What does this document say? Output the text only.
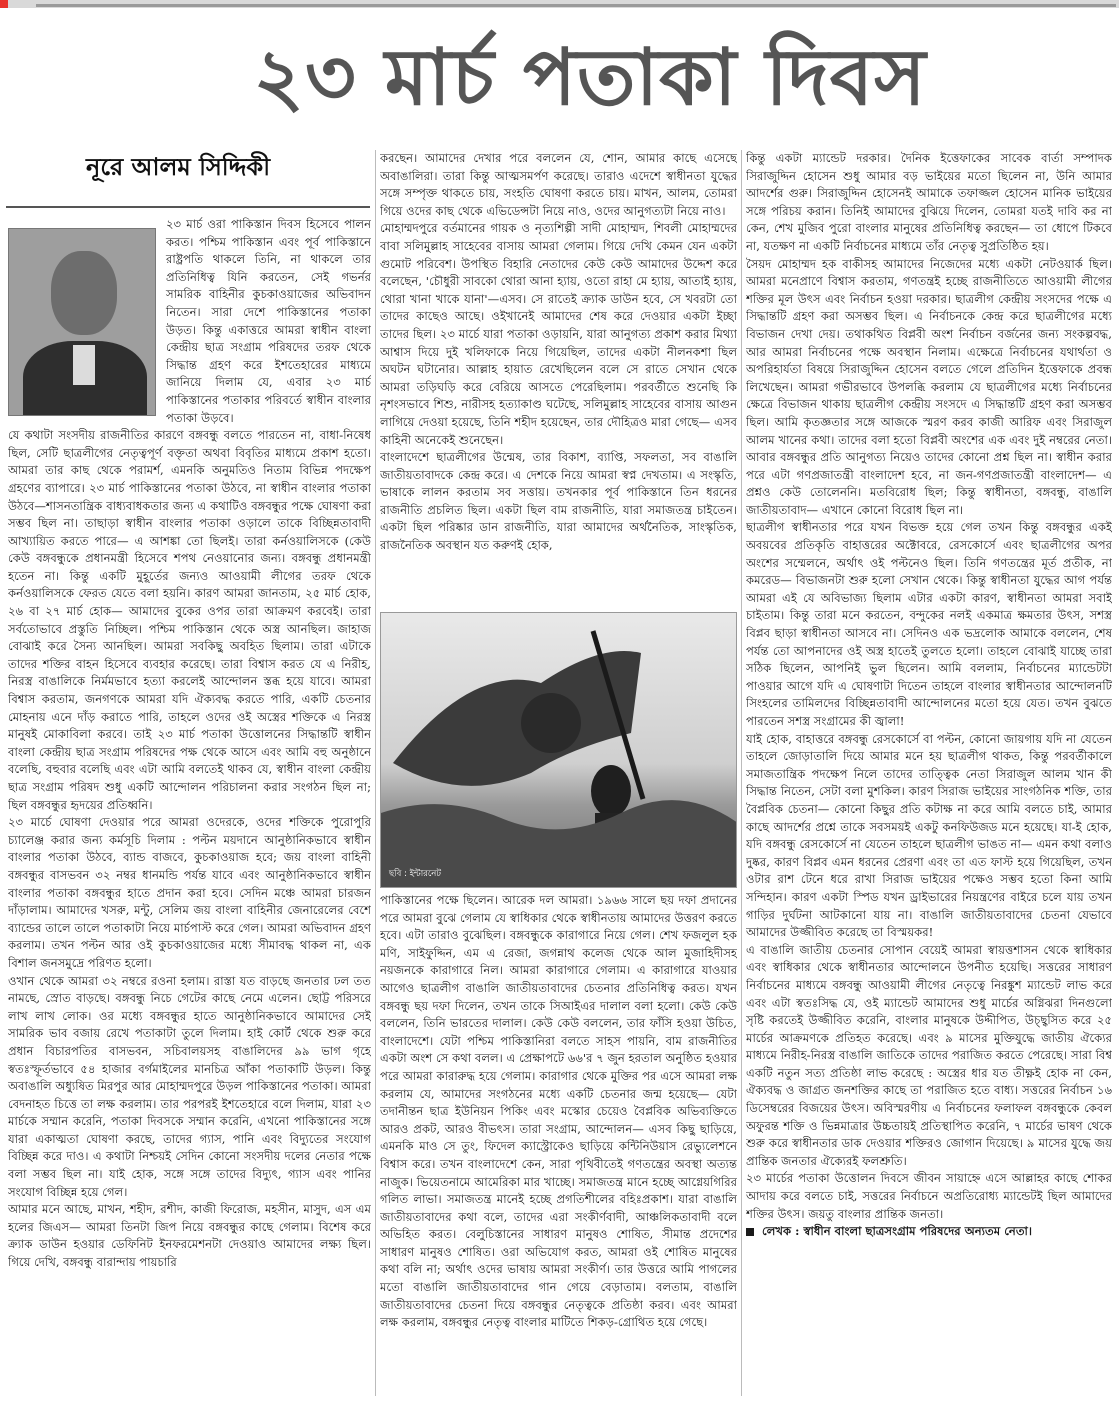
২৩ মার্চ পতাকা দিবস
নূরে আলম সিদ্দিকী

২৩ মার্চ ওরা পাকিস্তান দিবস হিসেবে পালন করত। পশ্চিম পাকিস্তান এবং পূর্ব পাকিস্তানে রাষ্ট্রপতি থাকলে তিনি, না থাকলে তার প্রতিনিধিত্ব যিনি করতেন, সেই গভর্নর সামরিক বাহিনীর কুচকাওয়াজের অভিবাদন নিতেন। সারা দেশে পাকিস্তানের পতাকা উড়ত। কিন্তু একাত্তরে আমরা স্বাধীন বাংলা কেন্দ্রীয় ছাত্র সংগ্রাম পরিষদের তরফ থেকে সিদ্ধান্ত গ্রহণ করে ইশতেহারের মাধ্যমে জানিয়ে দিলাম যে, এবার ২৩ মার্চ পাকিস্তানের পতাকার পরিবর্তে স্বাধীন বাংলার পতাকা উড়বে।

যে কথাটা সংসদীয় রাজনীতির কারণে বঙ্গবন্ধু বলতে পারতেন না, বাধা-নিষেধ ছিল, সেটি ছাত্রলীগের নেতৃত্বপূর্ণ বক্তৃতা অথবা বিবৃতির মাধ্যমে প্রকাশ হতো। আমরা তার কাছ থেকে পরামর্শ, এমনকি অনুমতিও নিতাম বিভিন্ন পদক্ষেপ গ্রহণের ব্যাপারে। ২৩ মার্চ পাকিস্তানের পতাকা উঠবে, না স্বাধীন বাংলার পতাকা উঠবে—শাসনতান্ত্রিক বাধ্যবাধকতার জন্য এ কথাটিও বঙ্গবন্ধুর পক্ষে ঘোষণা করা সম্ভব ছিল না। তাছাড়া স্বাধীন বাংলার পতাকা ওড়ালে তাকে বিচ্ছিন্নতাবাদী আখ্যায়িত করতে পারে— এ আশঙ্কা তো ছিলই। তারা কর্নওয়ালিসকে (কেউ কেউ বঙ্গবন্ধুকে প্রধানমন্ত্রী হিসেবে শপথ নেওয়ানোর জন্য। বঙ্গবন্ধু প্রধানমন্ত্রী হতেন না। কিন্তু একটি মুহূর্তের জন্যও আওয়ামী লীগের তরফ থেকে কর্নওয়ালিসকে ফেরত যেতে বলা হয়নি। কারণ আমরা জানতাম, ২৫ মার্চ হোক, ২৬ বা ২৭ মার্চ হোক— আমাদের বুকের ওপর তারা আক্রমণ করবেই। তারা সর্বতোভাবে প্রস্তুতি নিচ্ছিল। পশ্চিম পাকিস্তান থেকে অস্ত্র আনছিল। জাহাজ বোঝাই করে সৈন্য আনছিল। আমরা সবকিছু অবহিত ছিলাম। তারা এটাকে তাদের শক্তির বাহন হিসেবে ব্যবহার করেছে। তারা বিশ্বাস করত যে এ নিরীহ, নিরস্ত্র বাঙালিকে নির্মমভাবে হত্যা করলেই আন্দোলন স্তব্ধ হয়ে যাবে। আমরা বিশ্বাস করতাম, জনগণকে আমরা যদি ঐক্যবদ্ধ করতে পারি, একটি চেতনার মোহনায় এনে দাঁড় করাতে পারি, তাহলে ওদের ওই অস্ত্রের শক্তিকে এ নিরস্ত্র মানুষই মোকাবিলা করবে। তাই ২৩ মার্চ পতাকা উত্তোলনের সিদ্ধান্তটি স্বাধীন বাংলা কেন্দ্রীয় ছাত্র সংগ্রাম পরিষদের পক্ষ থেকে আসে এবং আমি বহু অনুষ্ঠানে বলেছি, বহুবার বলেছি এবং এটা আমি বলতেই থাকব যে, স্বাধীন বাংলা কেন্দ্রীয় ছাত্র সংগ্রাম পরিষদ শুধু একটি আন্দোলন পরিচালনা করার সংগঠন ছিল না; ছিল বঙ্গবন্ধুর হৃদয়ের প্রতিধ্বনি।

২৩ মার্চে ঘোষণা দেওয়ার পরে আমরা ওদেরকে, ওদের শক্তিকে পুরোপুরি চ্যালেঞ্জ করার জন্য কর্মসূচি দিলাম : পল্টন ময়দানে আনুষ্ঠানিকভাবে স্বাধীন বাংলার পতাকা উঠবে, ব্যান্ড বাজবে, কুচকাওয়াজ হবে; জয় বাংলা বাহিনী বঙ্গবন্ধুর বাসভবন ৩২ নম্বর ধানমন্ডি পর্যন্ত যাবে এবং আনুষ্ঠানিকভাবে স্বাধীন বাংলার পতাকা বঙ্গবন্ধুর হাতে প্রদান করা হবে। সেদিন মঞ্চে আমরা চারজন দাঁড়ালাম। আমাদের খসরু, মন্টু, সেলিম জয় বাংলা বাহিনীর জেনারেলের বেশে ব্যান্ডের তালে তালে পতাকাটা নিয়ে মার্চপাস্ট করে গেল। আমরা অভিবাদন গ্রহণ করলাম। তখন পল্টন আর ওই কুচকাওয়াজের মধ্যে সীমাবদ্ধ থাকল না, এক বিশাল জনসমুদ্রে পরিণত হলো।

ওখান থেকে আমরা ৩২ নম্বরে রওনা হলাম। রাস্তা যত বাড়ছে জনতার ঢল তত নামছে, স্রোত বাড়ছে। বঙ্গবন্ধু নিচে গেটের কাছে নেমে এলেন। ছোট্ট পরিসরে লাখ লাখ লোক। ওর মধ্যে বঙ্গবন্ধুর হাতে আনুষ্ঠানিকভাবে আমাদের সেই সামরিক ভাব বজায় রেখে পতাকাটা তুলে দিলাম। হাই কোর্ট থেকে শুরু করে প্রধান বিচারপতির বাসভবন, সচিবালয়সহ বাঙালিদের ৯৯ ভাগ গৃহে স্বতঃস্ফূর্তভাবে ৫৪ হাজার বর্গমাইলের মানচিত্র আঁকা পতাকাটি উড়ল। কিন্তু অবাঙালি অধ্যুষিত মিরপুর আর মোহাম্মদপুরে উড়ল পাকিস্তানের পতাকা। আমরা বেদনাহত চিত্তে তা লক্ষ করলাম। তার পরপরই ইশতেহারে বলে দিলাম, যারা ২৩ মার্চকে সম্মান করেনি, পতাকা দিবসকে সম্মান করেনি, এখনো পাকিস্তানের সঙ্গে যারা একাত্মতা ঘোষণা করছে, তাদের গ্যাস, পানি এবং বিদ্যুতের সংযোগ বিচ্ছিন্ন করে দাও। এ কথাটা নিশ্চয়ই সেদিন কোনো সংসদীয় দলের নেতার পক্ষে বলা সম্ভব ছিল না। যাই হোক, সঙ্গে সঙ্গে তাদের বিদ্যুৎ, গ্যাস এবং পানির সংযোগ বিচ্ছিন্ন হয়ে গেল।

আমার মনে আছে, মাখন, শহীদ, রশীদ, কাজী ফিরোজ, মহসীন, মাসুদ, এস এম হলের জিএস— আমরা তিনটা জিপ নিয়ে বঙ্গবন্ধুর কাছে গেলাম। বিশেষ করে ক্র্যাক ডাউন হওয়ার ডেফিনিট ইনফরমেশনটা দেওয়াও আমাদের লক্ষ্য ছিল। গিয়ে দেখি, বঙ্গবন্ধু বারান্দায় পায়চারি

করছেন। আমাদের দেখার পরে বললেন যে, শোন, আমার কাছে এসেছে অবাঙালিরা। তারা কিন্তু আত্মসমর্পণ করেছে। তারাও এদেশে স্বাধীনতা যুদ্ধের সঙ্গে সম্পৃক্ত থাকতে চায়, সংহতি ঘোষণা করতে চায়। মাখন, আলম, তোমরা গিয়ে ওদের কাছ থেকে এভিডেন্সটা নিয়ে নাও, ওদের আনুগত্যটা নিয়ে নাও।

মোহাম্মদপুরে বর্তমানের গায়ক ও নৃত্যশিল্পী সাদী মোহাম্মদ, শিবলী মোহাম্মদের বাবা সলিমুল্লাহ সাহেবের বাসায় আমরা গেলাম। গিয়ে দেখি কেমন যেন একটা গুমোট পরিবেশ। উপস্থিত বিহারি নেতাদের কেউ কেউ আমাদের উদ্দেশ করে বলেছেন, 'চৌধুরী সাবকো থোরা আনা হ্যায়, ওতো রাহা মে হ্যায়, আতাই হ্যায়, থোরা খানা খাকে যানা'—এসব। সে রাতেই ক্র্যাক ডাউন হবে, সে খবরটা তো তাদের কাছেও আছে। ওইখানেই আমাদের শেষ করে দেওয়ার একটা ইচ্ছা তাদের ছিল। ২৩ মার্চে যারা পতাকা ওড়ায়নি, যারা আনুগত্য প্রকাশ করার মিথ্যা আশ্বাস দিয়ে দুই খলিফাকে নিয়ে গিয়েছিল, তাদের একটা নীলনকশা ছিল অঘটন ঘটানোর। আল্লাহ হায়াত রেখেছিলেন বলে সে রাতে সেখান থেকে আমরা তড়িঘড়ি করে বেরিয়ে আসতে পেরেছিলাম। পরবর্তীতে শুনেছি কি নৃশংসভাবে শিশু, নারীসহ হত্যাকাণ্ড ঘটেছে, সলিমুল্লাহ সাহেবের বাসায় আগুন লাগিয়ে দেওয়া হয়েছে, তিনি শহীদ হয়েছেন, তার দৌহিত্রও মারা গেছে— এসব কাহিনী অনেকেই শুনেছেন।

বাংলাদেশে ছাত্রলীগের উন্মেষ, তার বিকাশ, ব্যাপ্তি, সফলতা, সব বাঙালি জাতীয়তাবাদকে কেন্দ্র করে। এ দেশকে নিয়ে আমরা স্বপ্ন দেখতাম। এ সংস্কৃতি, ভাষাকে লালন করতাম সব সত্তায়। তখনকার পূর্ব পাকিস্তানে তিন ধরনের রাজনীতি প্রচলিত ছিল। একটা ছিল বাম রাজনীতি, যারা সমাজতন্ত্র চাইতেন। একটা ছিল পরিষ্কার ডান রাজনীতি, যারা আমাদের অর্থনৈতিক, সাংস্কৃতিক, রাজনৈতিক অবস্থান যত করুণই হোক,

ছবি : ইন্টারনেট

পাকিস্তানের পক্ষে ছিলেন। আরেক দল আমরা। ১৯৬৬ সালে ছয় দফা প্রদানের পরে আমরা বুঝে গেলাম যে স্বাধিকার থেকে স্বাধীনতায় আমাদের উত্তরণ করতে হবে। এটা তারাও বুঝেছিল। বঙ্গবন্ধুকে কারাগারে নিয়ে গেল। শেখ ফজলুল হক মণি, সাইফুদ্দিন, এম এ রেজা, জগন্নাথ কলেজ থেকে আল মুজাহিদীসহ নয়জনকে কারাগারে নিল। আমরা কারাগারে গেলাম। এ কারাগারে যাওয়ার আগেও ছাত্রলীগ বাঙালি জাতীয়তাবাদের চেতনার প্রতিনিধিত্ব করত। যখন বঙ্গবন্ধু ছয় দফা দিলেন, তখন তাকে সিআইএর দালাল বলা হলো। কেউ কেউ বললেন, তিনি ভারতের দালাল। কেউ কেউ বললেন, তার ফাঁসি হওয়া উচিত, বাংলাদেশে। যেটা পশ্চিম পাকিস্তানিরা বলতে সাহস পায়নি, বাম রাজনীতির একটা অংশ সে কথা বলল। এ প্রেক্ষাপটে ৬৬'র ৭ জুন হরতাল অনুষ্ঠিত হওয়ার পরে আমরা কারারুদ্ধ হয়ে গেলাম। কারাগার থেকে মুক্তির পর এসে আমরা লক্ষ করলাম যে, আমাদের সংগঠনের মধ্যে একটি চেতনার জন্ম হয়েছে— যেটা তদানীন্তন ছাত্র ইউনিয়ন পিকিং এবং মস্কোর চেয়েও বৈপ্লবিক অভিব্যক্তিতে আরও প্রকট, আরও বীভৎস। তারা সংগ্রাম, আন্দোলন— এসব কিছু ছাড়িয়ে, এমনকি মাও সে তুং, ফিদেল ক্যাস্ট্রোকেও ছাড়িয়ে কন্টিনিউয়াস রেভ্যুলেশনে বিশ্বাস করে। তখন বাংলাদেশে কেন, সারা পৃথিবীতেই গণতন্ত্রের অবস্থা অত্যন্ত নাজুক। ভিয়েতনামে আমেরিকা মার খাচ্ছে। সমাজতন্ত্র মানে হচ্ছে আগ্নেয়গিরির গলিত লাভা। সমাজতন্ত্র মানেই হচ্ছে প্রগতিশীলের বহিঃপ্রকাশ। যারা বাঙালি জাতীয়তাবাদের কথা বলে, তাদের এরা সংকীর্ণবাদী, আঞ্চলিকতাবাদী বলে অভিহিত করত। বেলুচিস্তানের সাধারণ মানুষও শোষিত, সীমান্ত প্রদেশের সাধারণ মানুষও শোষিত। ওরা অভিযোগ করত, আমরা ওই শোষিত মানুষের কথা বলি না; অর্থাৎ ওদের ভাষায় আমরা সংকীর্ণ। তার উত্তরে আমি পাগলের মতো বাঙালি জাতীয়তাবাদের গান গেয়ে বেড়াতাম। বলতাম, বাঙালি জাতীয়তাবাদের চেতনা দিয়ে বঙ্গবন্ধুর নেতৃত্বকে প্রতিষ্ঠা করব। এবং আমরা লক্ষ করলাম, বঙ্গবন্ধুর নেতৃত্ব বাংলার মাটিতে শিকড়-গ্রোথিত হয়ে গেছে।

কিন্তু একটা ম্যান্ডেট দরকার। দৈনিক ইত্তেফাকের সাবেক বার্তা সম্পাদক সিরাজুদ্দিন হোসেন শুধু আমার বড় ভাইয়ের মতো ছিলেন না, উনি আমার আদর্শের গুরু। সিরাজুদ্দিন হোসেনই আমাকে তফাজ্জল হোসেন মানিক ভাইয়ের সঙ্গে পরিচয় করান। তিনিই আমাদের বুঝিয়ে দিলেন, তোমরা যতই দাবি কর না কেন, শেখ মুজিব পুরো বাংলার মানুষের প্রতিনিধিত্ব করছেন— তা ধোপে টিকবে না, যতক্ষণ না একটি নির্বাচনের মাধ্যমে তাঁর নেতৃত্ব সুপ্রতিষ্ঠিত হয়।

সৈয়দ মোহাম্মদ হক বাকীসহ আমাদের নিজেদের মধ্যে একটা নেটওয়ার্ক ছিল। আমরা মনেপ্রাণে বিশ্বাস করতাম, গণতন্ত্রই হচ্ছে রাজনীতিতে আওয়ামী লীগের শক্তির মূল উৎস এবং নির্বাচন হওয়া দরকার। ছাত্রলীগ কেন্দ্রীয় সংসদের পক্ষে এ সিদ্ধান্তটি গ্রহণ করা অসম্ভব ছিল। এ নির্বাচনকে কেন্দ্র করে ছাত্রলীগের মধ্যে বিভাজন দেখা দেয়। তথাকথিত বিপ্লবী অংশ নির্বাচন বর্জনের জন্য সংকল্পবদ্ধ, আর আমরা নির্বাচনের পক্ষে অবস্থান নিলাম। এক্ষেত্রে নির্বাচনের যথার্থতা ও অপরিহার্যতা বিষয়ে সিরাজুদ্দিন হোসেন বলতে গেলে প্রতিদিন ইত্তেফাকে প্রবন্ধ লিখেছেন। আমরা গভীরভাবে উপলব্ধি করলাম যে ছাত্রলীগের মধ্যে নির্বাচনের ক্ষেত্রে বিভাজন থাকায় ছাত্রলীগ কেন্দ্রীয় সংসদে এ সিদ্ধান্তটি গ্রহণ করা অসম্ভব ছিল। আমি কৃতজ্ঞতার সঙ্গে আজকে স্মরণ করব কাজী আরিফ এবং সিরাজুল আলম খানের কথা। তাদের বলা হতো বিপ্লবী অংশের এক এবং দুই নম্বরের নেতা। আবার বঙ্গবন্ধুর প্রতি আনুগত্য নিয়েও তাদের কোনো প্রশ্ন ছিল না। স্বাধীন করার পরে এটা গণপ্রজাতন্ত্রী বাংলাদেশ হবে, না জন-গণপ্রজাতন্ত্রী বাংলাদেশ— এ প্রশ্নও কেউ তোলেননি। মতবিরোধ ছিল; কিন্তু স্বাধীনতা, বঙ্গবন্ধু, বাঙালি জাতীয়তাবাদ— এখানে কোনো বিরোধ ছিল না।

ছাত্রলীগ স্বাধীনতার পরে যখন বিভক্ত হয়ে গেল তখন কিন্তু বঙ্গবন্ধুর একই অবয়বের প্রতিকৃতি বাহাত্তরের অক্টোবরে, রেসকোর্সে এবং ছাত্রলীগের অপর অংশের সম্মেলনে, অর্থাৎ ওই পল্টনেও ছিল। তিনি গণতন্ত্রের মূর্ত প্রতীক, না কমরেড— বিভাজনটা শুরু হলো সেখান থেকে। কিন্তু স্বাধীনতা যুদ্ধের আগ পর্যন্ত আমরা এই যে অবিভাজ্য ছিলাম এটার একটা কারণ, স্বাধীনতা আমরা সবাই চাইতাম। কিন্তু তারা মনে করতেন, বন্দুকের নলই একমাত্র ক্ষমতার উৎস, সশস্ত্র বিপ্লব ছাড়া স্বাধীনতা আসবে না। সেদিনও এক ভদ্রলোক আমাকে বললেন, শেষ পর্যন্ত তো আপনাদের ওই অস্ত্র হাতেই তুলতে হলো। তাহলে বোঝাই যাচ্ছে তারা সঠিক ছিলেন, আপনিই ভুল ছিলেন। আমি বললাম, নির্বাচনের ম্যান্ডেটটা পাওয়ার আগে যদি এ ঘোষণাটা দিতেন তাহলে বাংলার স্বাধীনতার আন্দোলনটি সিংহলের তামিলদের বিচ্ছিন্নতাবাদী আন্দোলনের মতো হয়ে যেত। তখন বুঝতে পারতেন সশস্ত্র সংগ্রামের কী জ্বালা!

যাই হোক, বাহাত্তরে বঙ্গবন্ধু রেসকোর্সে বা পল্টন, কোনো জায়গায় যদি না যেতেন তাহলে জোড়াতালি দিয়ে আমার মনে হয় ছাত্রলীগ থাকত, কিন্তু পরবর্তীকালে সমাজতান্ত্রিক পদক্ষেপ নিলে তাদের তাত্ত্বিক নেতা সিরাজুল আলম খান কী সিদ্ধান্ত নিতেন, সেটা বলা মুশকিল। কারণ সিরাজ ভাইয়ের সাংগঠনিক শক্তি, তার বৈপ্লবিক চেতনা— কোনো কিছুর প্রতি কটাক্ষ না করে আমি বলতে চাই, আমার কাছে আদর্শের প্রশ্নে তাকে সবসময়ই একটু কনফিউজড মনে হয়েছে। যা-ই হোক, যদি বঙ্গবন্ধু রেসকোর্সে না যেতেন তাহলে ছাত্রলীগ ভাঙত না— এমন কথা বলাও দুষ্কর, কারণ বিপ্লব এমন ধরনের প্রেরণা এবং তা এত ফাস্ট হয়ে গিয়েছিল, তখন ওটার রাশ টেনে ধরে রাখা সিরাজ ভাইয়ের পক্ষেও সম্ভব হতো কিনা আমি সন্দিহান। কারণ একটা স্পিড যখন ড্রাইভারের নিয়ন্ত্রণের বাইরে চলে যায় তখন গাড়ির দুর্ঘটনা আটকানো যায় না। বাঙালি জাতীয়তাবাদের চেতনা যেভাবে আমাদের উজ্জীবিত করেছে তা বিস্ময়কর!

এ বাঙালি জাতীয় চেতনার সোপান বেয়েই আমরা স্বায়ত্তশাসন থেকে স্বাধিকার এবং স্বাধিকার থেকে স্বাধীনতার আন্দোলনে উপনীত হয়েছি। সত্তরের সাধারণ নির্বাচনের মাধ্যমে বঙ্গবন্ধু আওয়ামী লীগের নেতৃত্বে নিরঙ্কুশ ম্যান্ডেট লাভ করে এবং এটা স্বতঃসিদ্ধ যে, ওই ম্যান্ডেট আমাদের শুধু মার্চের অগ্নিঝরা দিনগুলো সৃষ্টি করতেই উজ্জীবিত করেনি, বাংলার মানুষকে উদ্দীপিত, উচ্ছ্বসিত করে ২৫ মার্চের আক্রমণকে প্রতিহত করেছে। এবং ৯ মাসের মুক্তিযুদ্ধে জাতীয় ঐক্যের মাধ্যমে নিরীহ-নিরস্ত্র বাঙালি জাতিকে তাদের পরাজিত করতে পেরেছে। সারা বিশ্ব একটি নতুন সত্য প্রতিষ্ঠা লাভ করেছে : অস্ত্রের ধার যত তীক্ষ্ণই হোক না কেন, ঐক্যবদ্ধ ও জাগ্রত জনশক্তির কাছে তা পরাজিত হতে বাধ্য। সত্তরের নির্বাচন ১৬ ডিসেম্বরের বিজয়ের উৎস। অবিস্মরণীয় এ নির্বাচনের ফলাফল বঙ্গবন্ধুকে কেবল অফুরন্ত শক্তি ও ভিন্নমাত্রার উচ্চতায়ই প্রতিস্থাপিত করেনি, ৭ মার্চের ভাষণ থেকে শুরু করে স্বাধীনতার ডাক দেওয়ার শক্তিরও জোগান দিয়েছে। ৯ মাসের যুদ্ধে জয় প্রান্তিক জনতার ঐক্যেরই ফলশ্রুতি।

২৩ মার্চের পতাকা উত্তোলন দিবসে জীবন সায়াহ্নে এসে আল্লাহর কাছে শোকর আদায় করে বলতে চাই, সত্তরের নির্বাচনে অপ্রতিরোধ্য ম্যান্ডেটই ছিল আমাদের শক্তির উৎস। জয়তু বাংলার প্রান্তিক জনতা।

লেখক : স্বাধীন বাংলা ছাত্রসংগ্রাম পরিষদের অন্যতম নেতা।
